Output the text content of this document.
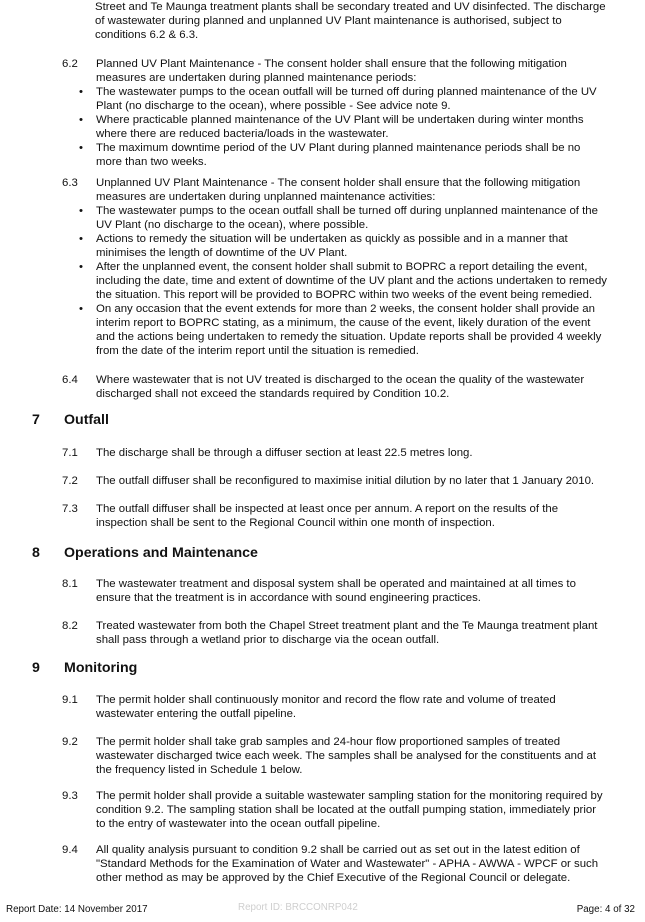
Street and Te Maunga treatment plants shall be secondary treated and UV disinfected. The discharge of wastewater during planned and unplanned UV Plant maintenance is authorised, subject to conditions 6.2 & 6.3.
6.2	Planned UV Plant Maintenance - The consent holder shall ensure that the following mitigation measures are undertaken during planned maintenance periods:
• The wastewater pumps to the ocean outfall will be turned off during planned maintenance of the UV Plant (no discharge to the ocean), where possible - See advice note 9.
• Where practicable planned maintenance of the UV Plant will be undertaken during winter months where there are reduced bacteria/loads in the wastewater.
• The maximum downtime period of the UV Plant during planned maintenance periods shall be no more than two weeks.
6.3	Unplanned UV Plant Maintenance - The consent holder shall ensure that the following mitigation measures are undertaken during unplanned maintenance activities:
• The wastewater pumps to the ocean outfall shall be turned off during unplanned maintenance of the UV Plant (no discharge to the ocean), where possible.
• Actions to remedy the situation will be undertaken as quickly as possible and in a manner that minimises the length of downtime of the UV Plant.
• After the unplanned event, the consent holder shall submit to BOPRC a report detailing the event, including the date, time and extent of downtime of the UV plant and the actions undertaken to remedy the situation. This report will be provided to BOPRC within two weeks of the event being remedied.
• On any occasion that the event extends for more than 2 weeks, the consent holder shall provide an interim report to BOPRC stating, as a minimum, the cause of the event, likely duration of the event and the actions being undertaken to remedy the situation. Update reports shall be provided 4 weekly from the date of the interim report until the situation is remedied.
6.4	Where wastewater that is not UV treated is discharged to the ocean the quality of the wastewater discharged shall not exceed the standards required by Condition 10.2.
7 Outfall
7.1	The discharge shall be through a diffuser section at least 22.5 metres long.
7.2	The outfall diffuser shall be reconfigured to maximise initial dilution by no later that 1 January 2010.
7.3	The outfall diffuser shall be inspected at least once per annum. A report on the results of the inspection shall be sent to the Regional Council within one month of inspection.
8 Operations and Maintenance
8.1	The wastewater treatment and disposal system shall be operated and maintained at all times to ensure that the treatment is in accordance with sound engineering practices.
8.2	Treated wastewater from both the Chapel Street treatment plant and the Te Maunga treatment plant shall pass through a wetland prior to discharge via the ocean outfall.
9 Monitoring
9.1	The permit holder shall continuously monitor and record the flow rate and volume of treated wastewater entering the outfall pipeline.
9.2	The permit holder shall take grab samples and 24-hour flow proportioned samples of treated wastewater discharged twice each week. The samples shall be analysed for the constituents and at the frequency listed in Schedule 1 below.
9.3	The permit holder shall provide a suitable wastewater sampling station for the monitoring required by condition 9.2. The sampling station shall be located at the outfall pumping station, immediately prior to the entry of wastewater into the ocean outfall pipeline.
9.4	All quality analysis pursuant to condition 9.2 shall be carried out as set out in the latest edition of "Standard Methods for the Examination of Water and Wastewater" - APHA - AWWA - WPCF or such other method as may be approved by the Chief Executive of the Regional Council or delegate.
Report Date: 14 November 2017	Report ID: BRCCONRP042	Page: 4 of 32
